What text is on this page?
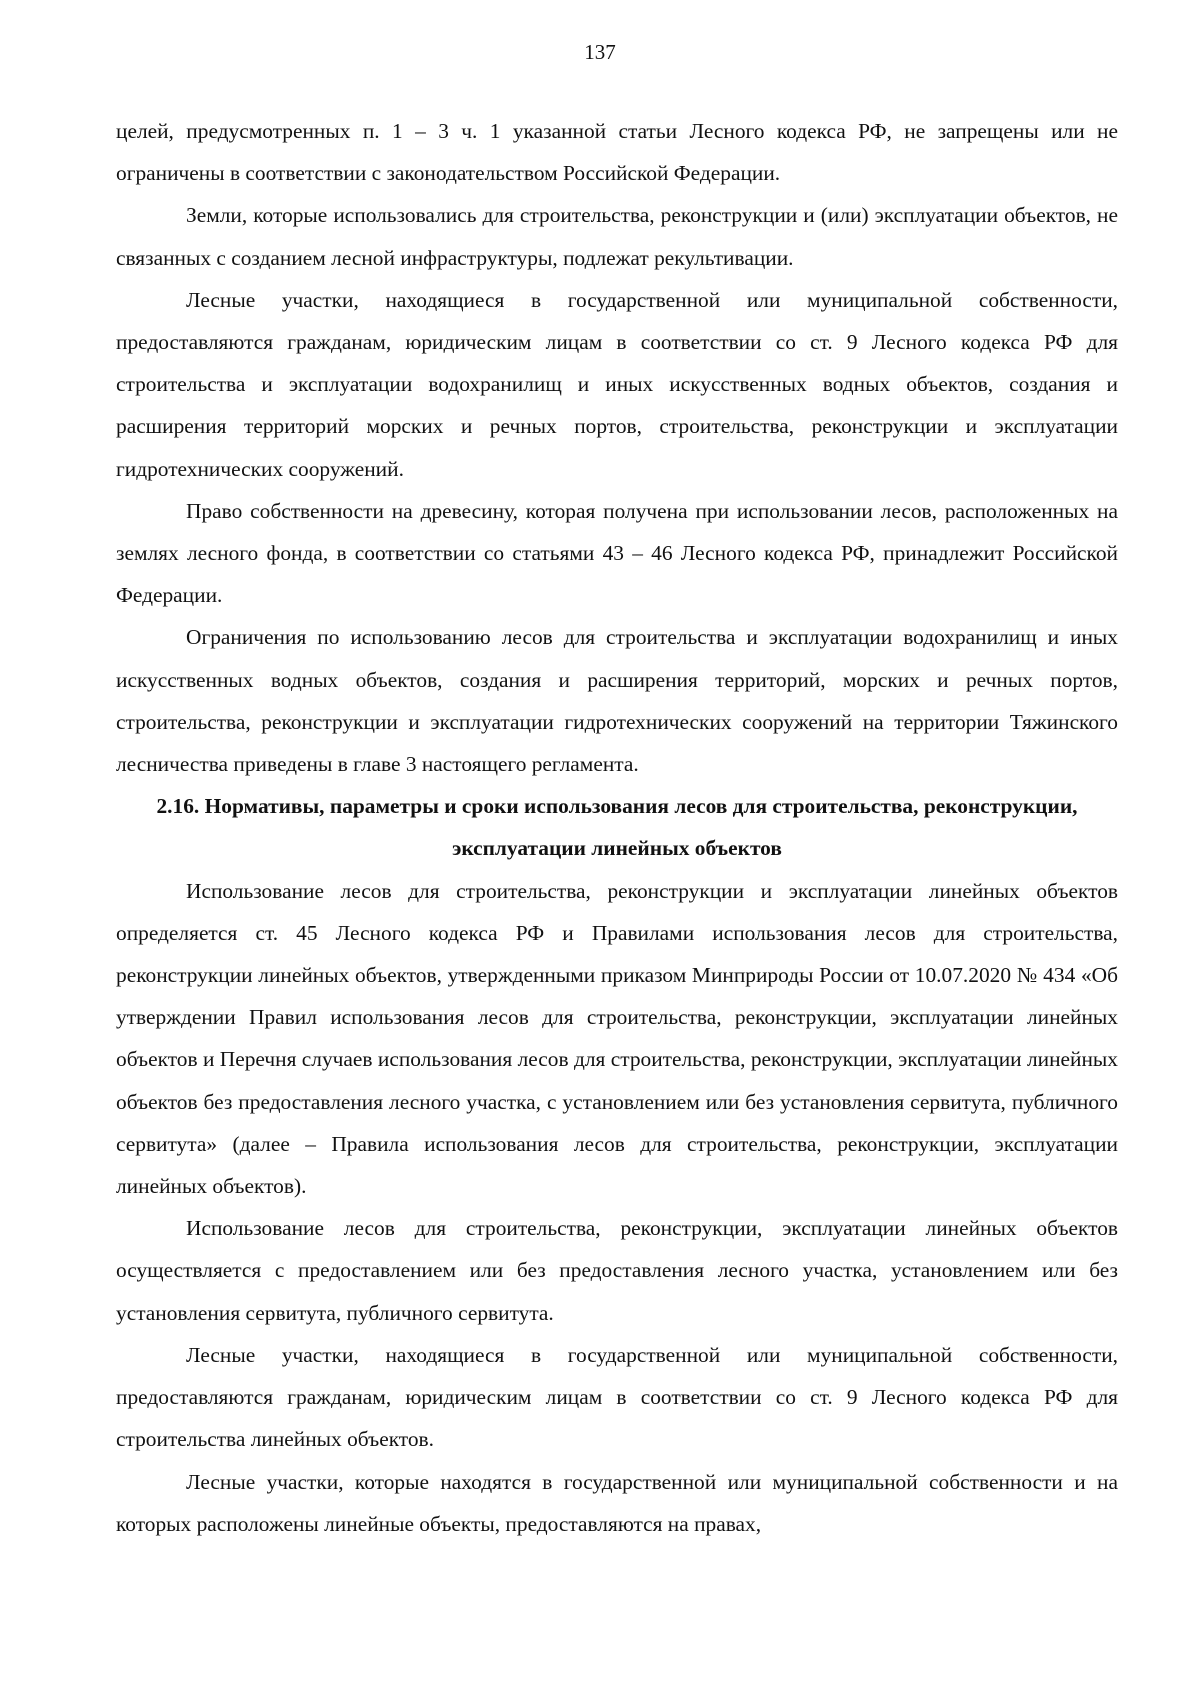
137

целей, предусмотренных п. 1 – 3 ч. 1 указанной статьи Лесного кодекса РФ, не запрещены или не ограничены в соответствии с законодательством Российской Федерации.

Земли, которые использовались для строительства, реконструкции и (или) эксплуатации объектов, не связанных с созданием лесной инфраструктуры, подлежат рекультивации.

Лесные участки, находящиеся в государственной или муниципальной собственности, предоставляются гражданам, юридическим лицам в соответствии со ст. 9 Лесного кодекса РФ для строительства и эксплуатации водохранилищ и иных искусственных водных объектов, создания и расширения территорий морских и речных портов, строительства, реконструкции и эксплуатации гидротехнических сооружений.

Право собственности на древесину, которая получена при использовании лесов, расположенных на землях лесного фонда, в соответствии со статьями 43 – 46 Лесного кодекса РФ, принадлежит Российской Федерации.

Ограничения по использованию лесов для строительства и эксплуатации водохранилищ и иных искусственных водных объектов, создания и расширения территорий, морских и речных портов, строительства, реконструкции и эксплуатации гидротехнических сооружений на территории Тяжинского лесничества приведены в главе 3 настоящего регламента.

2.16. Нормативы, параметры и сроки использования лесов для строительства, реконструкции, эксплуатации линейных объектов

Использование лесов для строительства, реконструкции и эксплуатации линейных объектов определяется ст. 45 Лесного кодекса РФ и Правилами использования лесов для строительства, реконструкции линейных объектов, утвержденными приказом Минприроды России от 10.07.2020 № 434 «Об утверждении Правил использования лесов для строительства, реконструкции, эксплуатации линейных объектов и Перечня случаев использования лесов для строительства, реконструкции, эксплуатации линейных объектов без предоставления лесного участка, с установлением или без установления сервитута, публичного сервитута» (далее – Правила использования лесов для строительства, реконструкции, эксплуатации линейных объектов).

Использование лесов для строительства, реконструкции, эксплуатации линейных объектов осуществляется с предоставлением или без предоставления лесного участка, установлением или без установления сервитута, публичного сервитута.

Лесные участки, находящиеся в государственной или муниципальной собственности, предоставляются гражданам, юридическим лицам в соответствии со ст. 9 Лесного кодекса РФ для строительства линейных объектов.

Лесные участки, которые находятся в государственной или муниципальной собственности и на которых расположены линейные объекты, предоставляются на правах,
